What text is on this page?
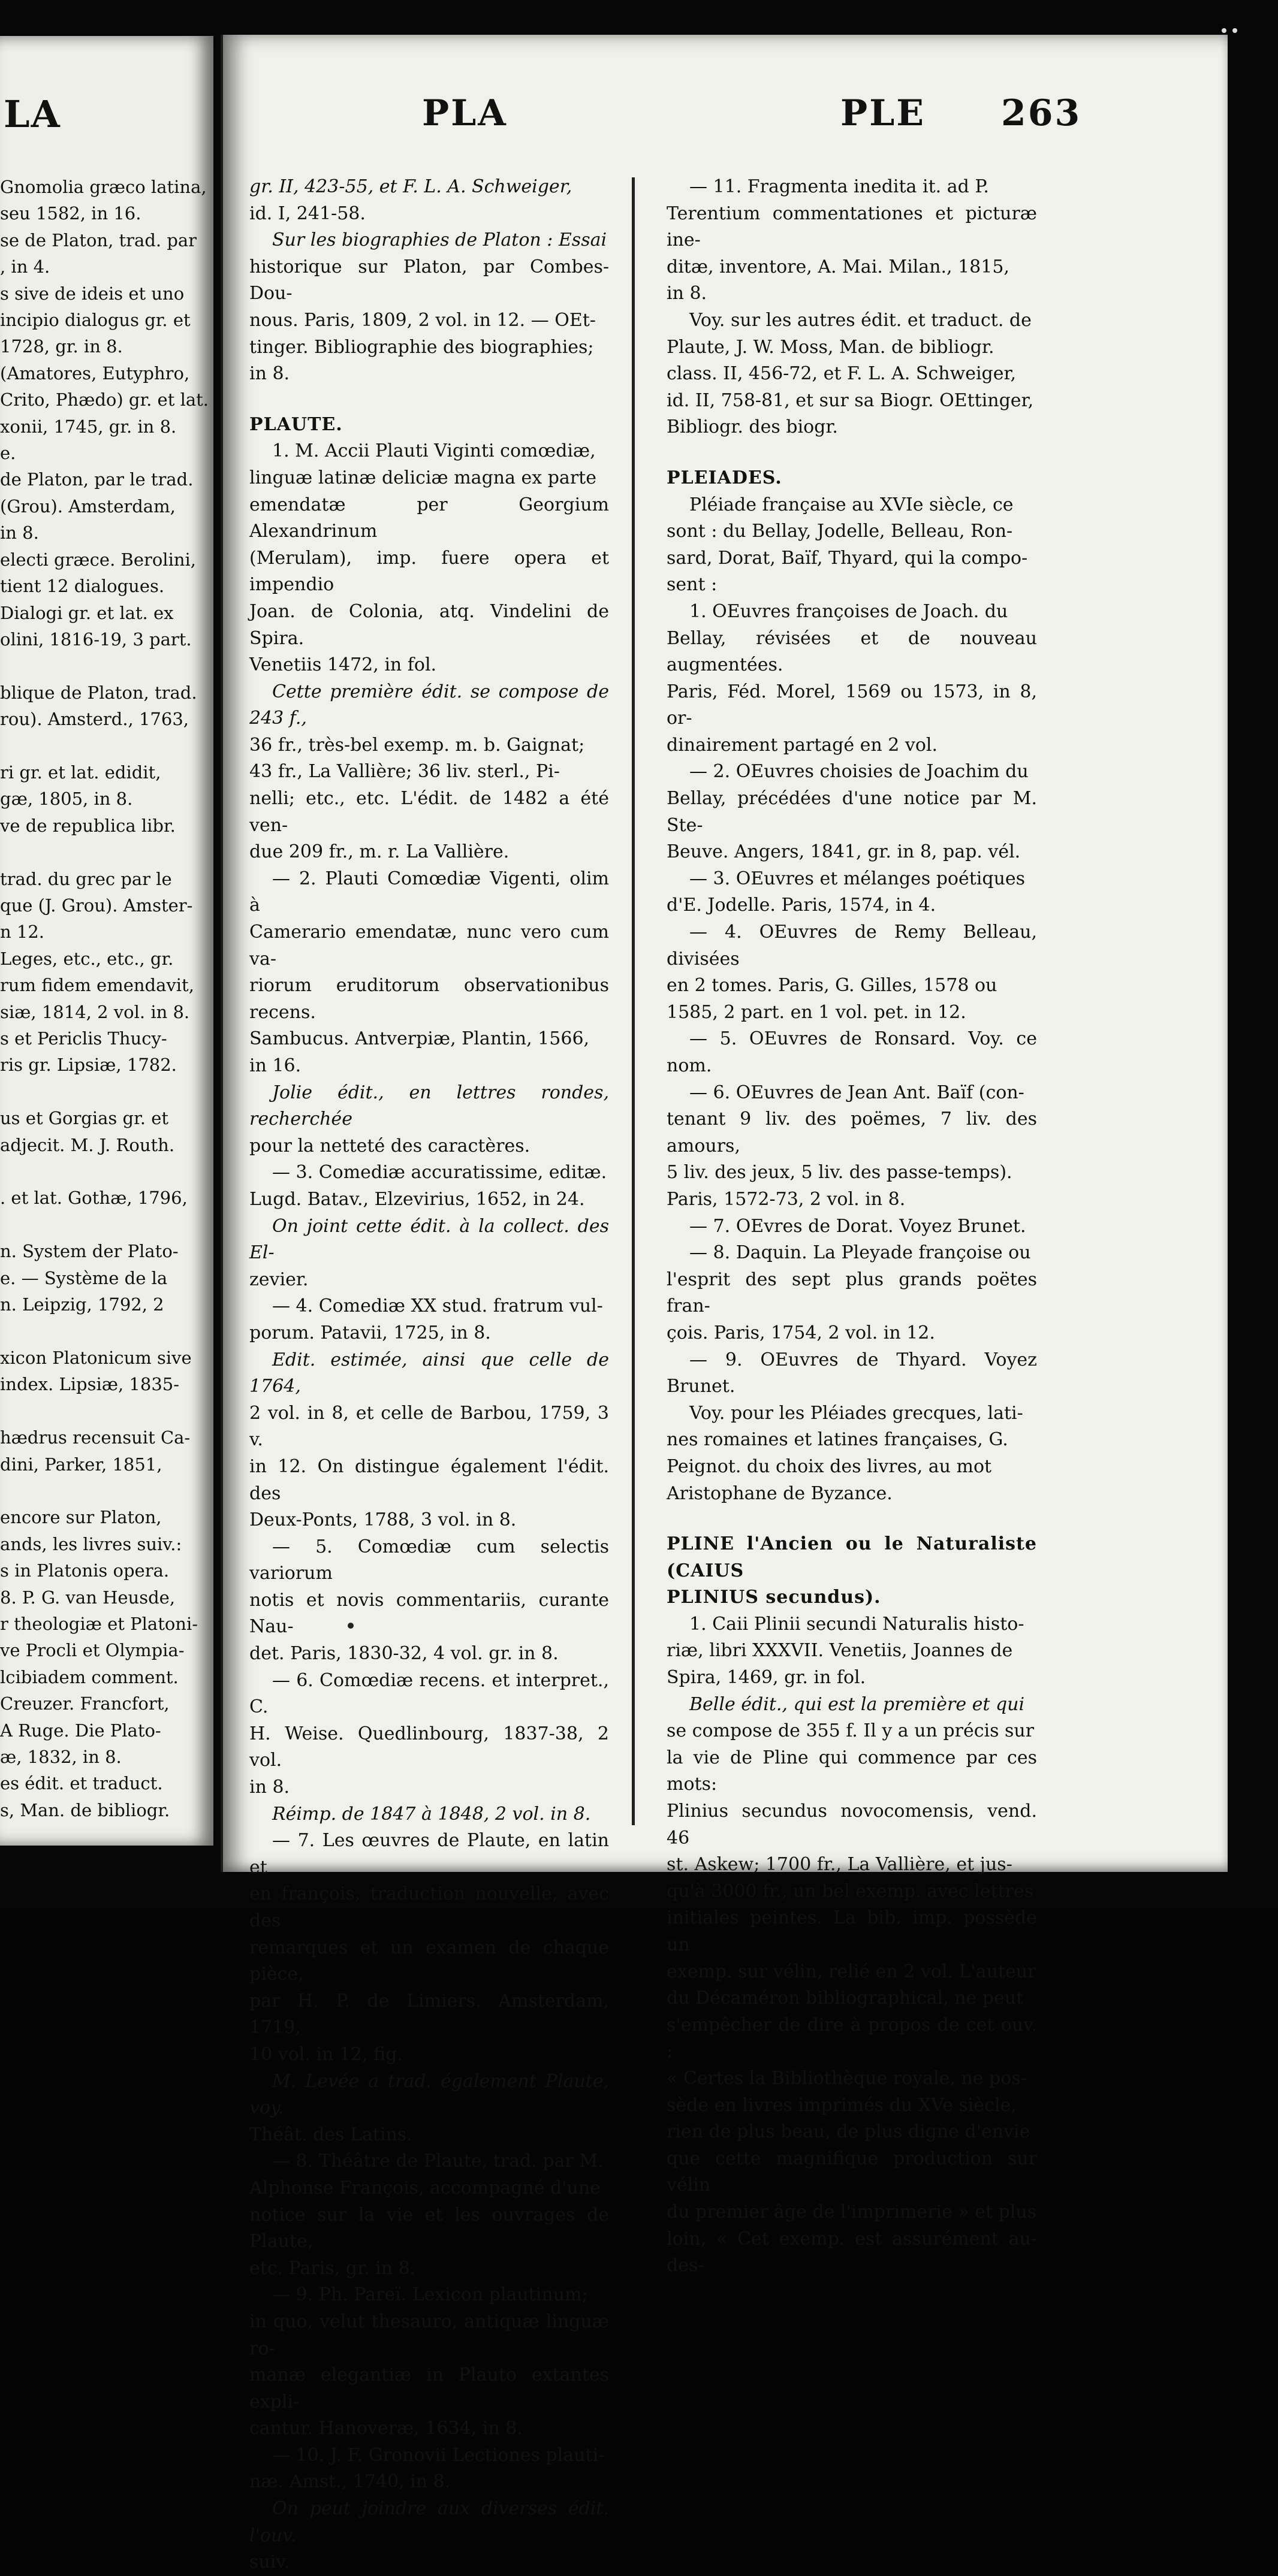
LA
Gnomolia græco latina,
seu 1582, in 16.
se de Platon, trad. par
, in 4.
s sive de ideis et uno
incipio dialogus gr. et
1728, gr. in 8.
(Amatores, Eutyphro,
Crito, Phædo) gr. et lat.
xonii, 1745, gr. in 8.
e.
de Platon, par le trad.
(Grou). Amsterdam,
in 8.
electi græce. Berolini,
tient 12 dialogues.
Dialogi gr. et lat. ex
olini, 1816-19, 3 part.

blique de Platon, trad.
rou). Amsterd., 1763,

ri gr. et lat. edidit,
gæ, 1805, in 8.
ve de republica libr.

trad. du grec par le
que (J. Grou). Amster-
n 12.
Leges, etc., etc., gr.
rum fidem emendavit,
siæ, 1814, 2 vol. in 8.
s et Periclis Thucy-
ris gr. Lipsiæ, 1782.

us et Gorgias gr. et
adjecit. M. J. Routh.

. et lat. Gothæ, 1796,

n. System der Plato-
e. — Système de la
n. Leipzig, 1792, 2

xicon Platonicum sive
index. Lipsiæ, 1835-

hædrus recensuit Ca-
dini, Parker, 1851,

encore sur Platon,
ands, les livres suiv.:
s in Platonis opera.
8. P. G. van Heusde,
r theologiæ et Platoni-
ve Procli et Olympia-
lcibiadem comment.
Creuzer. Francfort,
A Ruge. Die Plato-
æ, 1832, in 8.
es édit. et traduct.
s, Man. de bibliogr.
PLA	PLE 263

gr. II, 423-55, et F. L. A. Schweiger,

id. I, 241-58.

Sur les biographies de Platon : Essai

historique sur Platon, par Combes-Dou-

nous. Paris, 1809, 2 vol. in 12. — OEt-

tinger. Bibliographie des biographies;

in 8.

PLAUTE.

1. M. Accii Plauti Viginti comœdiæ,

linguæ latinæ deliciæ magna ex parte

emendatæ per Georgium Alexandrinum

(Merulam), imp. fuere opera et impendio

Joan. de Colonia, atq. Vindelini de Spira.

Venetiis 1472, in fol.

Cette première édit. se compose de 243 f.,

36 fr., très-bel exemp. m. b. Gaignat;

43 fr., La Vallière; 36 liv. sterl., Pi-

nelli; etc., etc. L'édit. de 1482 a été ven-

due 209 fr., m. r. La Vallière.

— 2. Plauti Comœdiæ Vigenti, olim à

Camerario emendatæ, nunc vero cum va-

riorum eruditorum observationibus recens.

Sambucus. Antverpiæ, Plantin, 1566,

in 16.

Jolie édit., en lettres rondes, recherchée

pour la netteté des caractères.

— 3. Comediæ accuratissime, editæ.

Lugd. Batav., Elzevirius, 1652, in 24.

On joint cette édit. à la collect. des El-

zevier.

— 4. Comediæ XX stud. fratrum vul-

porum. Patavii, 1725, in 8.

Edit. estimée, ainsi que celle de 1764,

2 vol. in 8, et celle de Barbou, 1759, 3 v.

in 12. On distingue également l'édit. des

Deux-Ponts, 1788, 3 vol. in 8.

— 5. Comœdiæ cum selectis variorum

notis et novis commentariis, curante Nau-

det. Paris, 1830-32, 4 vol. gr. in 8.

— 6. Comœdiæ recens. et interpret., C.

H. Weise. Quedlinbourg, 1837-38, 2 vol.

in 8.

Réimp. de 1847 à 1848, 2 vol. in 8.

— 7. Les œuvres de Plaute, en latin et

en françois, traduction nouvelle, avec des

remarques et un examen de chaque pièce,

par H. P. de Limiers. Amsterdam, 1719,

10 vol. in 12, fig.

M. Levée a trad. également Plaute, voy.

Théât. des Latins.

— 8. Théâtre de Plaute, trad. par M.

Alphonse François, accompagné d'une

notice sur la vie et les ouvrages de Plaute,

etc. Paris, gr. in 8.

— 9. Ph. Pareï. Lexicon plautinum;

in quo, velut thesauro, antiquæ linguæ ro-

manæ elegantiæ in Plauto extantes expli-

cantur. Hanoveræ, 1634, in 8.

— 10. J. F. Gronovii Lectiones plauti-

næ. Amst., 1740, in 8.

On peut joindre aux diverses édit. l'ouv.

suiv.

— 11. Fragmenta inedita it. ad P.

Terentium commentationes et picturæ ine-

ditæ, inventore, A. Mai. Milan., 1815,

in 8.

Voy. sur les autres édit. et traduct. de

Plaute, J. W. Moss, Man. de bibliogr.

class. II, 456-72, et F. L. A. Schweiger,

id. II, 758-81, et sur sa Biogr. OEttinger,

Bibliogr. des biogr.

PLEIADES.

Pléiade française au XVIe siècle, ce

sont : du Bellay, Jodelle, Belleau, Ron-

sard, Dorat, Baïf, Thyard, qui la compo-

sent :

1. OEuvres françoises de Joach. du

Bellay, révisées et de nouveau augmentées.

Paris, Féd. Morel, 1569 ou 1573, in 8, or-

dinairement partagé en 2 vol.

— 2. OEuvres choisies de Joachim du

Bellay, précédées d'une notice par M. Ste-

Beuve. Angers, 1841, gr. in 8, pap. vél.

— 3. OEuvres et mélanges poétiques

d'E. Jodelle. Paris, 1574, in 4.

— 4. OEuvres de Remy Belleau, divisées

en 2 tomes. Paris, G. Gilles, 1578 ou

1585, 2 part. en 1 vol. pet. in 12.

— 5. OEuvres de Ronsard. Voy. ce nom.

— 6. OEuvres de Jean Ant. Baïf (con-

tenant 9 liv. des poëmes, 7 liv. des amours,

5 liv. des jeux, 5 liv. des passe-temps).

Paris, 1572-73, 2 vol. in 8.

— 7. OEvres de Dorat. Voyez Brunet.

— 8. Daquin. La Pleyade françoise ou

l'esprit des sept plus grands poëtes fran-

çois. Paris, 1754, 2 vol. in 12.

— 9. OEuvres de Thyard. Voyez Brunet.

Voy. pour les Pléiades grecques, lati-

nes romaines et latines françaises, G.

Peignot. du choix des livres, au mot

Aristophane de Byzance.

PLINE l'Ancien ou le Naturaliste (CAIUS

PLINIUS secundus).

1. Caii Plinii secundi Naturalis histo-

riæ, libri XXXVII. Venetiis, Joannes de

Spira, 1469, gr. in fol.

Belle édit., qui est la première et qui

se compose de 355 f. Il y a un précis sur

la vie de Pline qui commence par ces mots:

Plinius secundus novocomensis, vend. 46

st. Askew; 1700 fr., La Vallière, et jus-

qu'à 3000 fr., un bel exemp. avec lettres

initiales peintes. La bib. imp. possède un

exemp. sur vélin, relié en 2 vol. L'auteur

du Décaméron bibliographical, ne peut

s'empêcher de dire à propos de cet ouv. :

« Certes la Bibliothèque royale, ne pos-

sède en livres imprimés du XVe siècle,

rien de plus beau, de plus digne d'envie

que cette magnifique production sur vélin

du premier âge de l'imprimerie » et plus

loin, « Cet exemp. est assurément au-des-
